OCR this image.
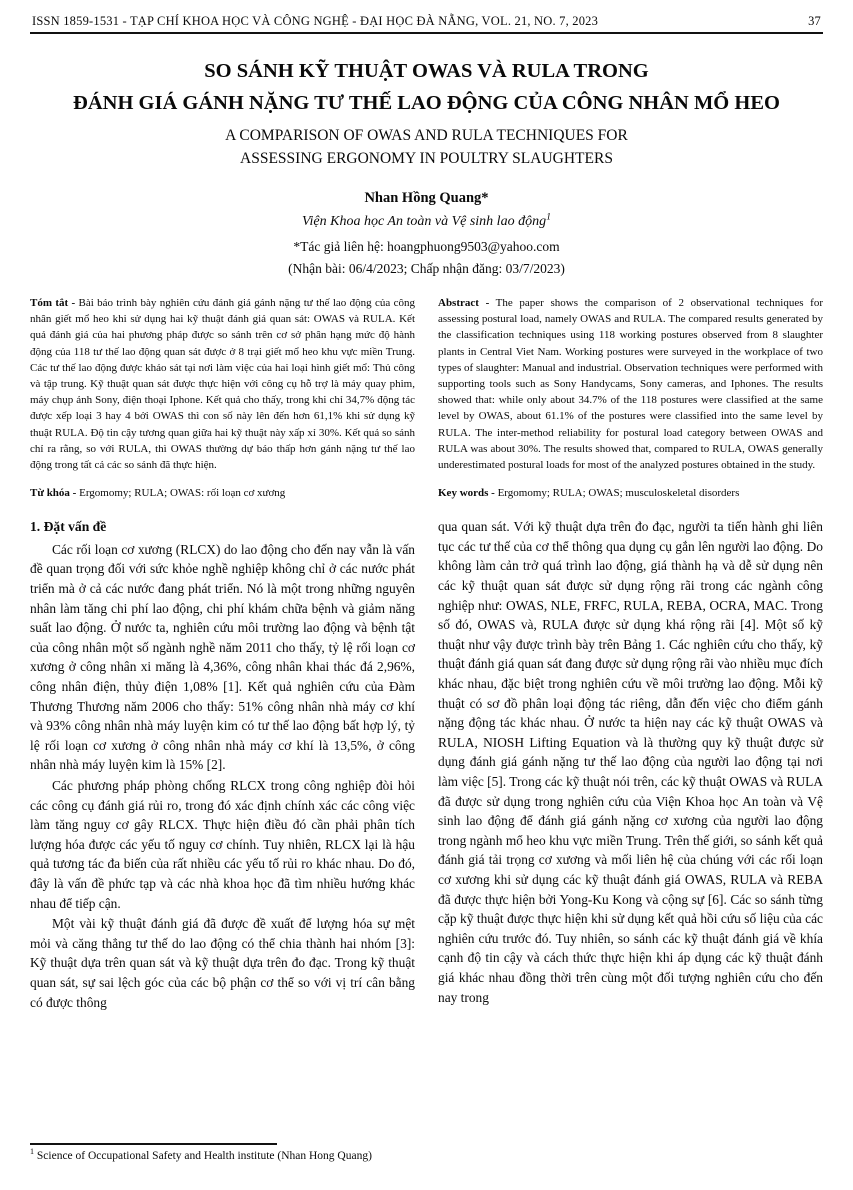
ISSN 1859-1531 - TẠP CHÍ KHOA HỌC VÀ CÔNG NGHỆ - ĐẠI HỌC ĐÀ NẴNG, VOL. 21, NO. 7, 2023	37
SO SÁNH KỸ THUẬT OWAS VÀ RULA TRONG
ĐÁNH GIÁ GÁNH NẶNG TƯ THẾ LAO ĐỘNG CỦA CÔNG NHÂN MỔ HEO
A COMPARISON OF OWAS AND RULA TECHNIQUES FOR
ASSESSING ERGONOMY IN POULTRY SLAUGHTERS
Nhan Hồng Quang*
Viện Khoa học An toàn và Vệ sinh lao động$^1$
*Tác giả liên hệ: hoangphuong9503@yahoo.com
(Nhận bài: 06/4/2023; Chấp nhận đăng: 03/7/2023)
Tóm tắt - Bài báo trình bày nghiên cứu đánh giá gánh nặng tư thế lao động của công nhân giết mổ heo khi sử dụng hai kỹ thuật đánh giá quan sát: OWAS và RULA. Kết quả đánh giá của hai phương pháp được so sánh trên cơ sở phân hạng mức độ hành động của 118 tư thế lao động quan sát được ở 8 trại giết mổ heo khu vực miền Trung. Các tư thế lao động được khảo sát tại nơi làm việc của hai loại hình giết mổ: Thủ công và tập trung. Kỹ thuật quan sát được thực hiện với công cụ hỗ trợ là máy quay phim, máy chụp ảnh Sony, điện thoại Iphone. Kết quả cho thấy, trong khi chỉ 34,7% động tác được xếp loại 3 hay 4 bởi OWAS thì con số này lên đến hơn 61,1% khi sử dụng kỹ thuật RULA. Độ tin cậy tương quan giữa hai kỹ thuật này xấp xỉ 30%. Kết quả so sánh chỉ ra rằng, so với RULA, thì OWAS thường dự báo thấp hơn gánh nặng tư thế lao động trong tất cả các so sánh đã thực hiện.
Từ khóa - Ergomomy; RULA; OWAS: rối loạn cơ xương
Abstract - The paper shows the comparison of 2 observational techniques for assessing postural load, namely OWAS and RULA. The compared results generated by the classification techniques using 118 working postures observed from 8 slaughter plants in Central Viet Nam. Working postures were surveyed in the workplace of two types of slaughter: Manual and industrial. Observation techniques were performed with supporting tools such as Sony Handycams, Sony cameras, and Iphones. The results showed that: while only about 34.7% of the 118 postures were classified at the same level by OWAS, about 61.1% of the postures were classified into the same level by RULA. The inter-method reliability for postural load category between OWAS and RULA was about 30%. The results showed that, compared to RULA, OWAS generally underestimated postural loads for most of the analyzed postures obtained in the study.
Key words - Ergomomy; RULA; OWAS; musculoskeletal disorders
1. Đặt vấn đề

Các rối loạn cơ xương (RLCX) do lao động cho đến nay vẫn là vấn đề quan trọng đối với sức khỏe nghề nghiệp không chỉ ở các nước phát triển mà ở cả các nước đang phát triển. Nó là một trong những nguyên nhân làm tăng chi phí lao động, chi phí khám chữa bệnh và giảm năng suất lao động. Ở nước ta, nghiên cứu môi trường lao động và bệnh tật của công nhân một số ngành nghề năm 2011 cho thấy, tỷ lệ rối loạn cơ xương ở công nhân xi măng là 4,36%, công nhân khai thác đá 2,96%, công nhân điện, thủy điện 1,08% [1]. Kết quả nghiên cứu của Đàm Thương Thương năm 2006 cho thấy: 51% công nhân nhà máy cơ khí và 93% công nhân nhà máy luyện kim có tư thế lao động bất hợp lý, tỷ lệ rối loạn cơ xương ở công nhân nhà máy cơ khí là 13,5%, ở công nhân nhà máy luyện kim là 15% [2].

Các phương pháp phòng chống RLCX trong công nghiệp đòi hỏi các công cụ đánh giá rủi ro, trong đó xác định chính xác các công việc làm tăng nguy cơ gây RLCX. Thực hiện điều đó cần phải phân tích lượng hóa được các yếu tố nguy cơ chính. Tuy nhiên, RLCX lại là hậu quả tương tác đa biến của rất nhiều các yếu tố rủi ro khác nhau. Do đó, đây là vấn đề phức tạp và các nhà khoa học đã tìm nhiều hướng khác nhau để tiếp cận.

Một vài kỹ thuật đánh giá đã được đề xuất để lượng hóa sự mệt mỏi và căng thẳng tư thế do lao động có thể chia thành hai nhóm [3]: Kỹ thuật dựa trên quan sát và kỹ thuật dựa trên đo đạc. Trong kỹ thuật quan sát, sự sai lệch góc của các bộ phận cơ thể so với vị trí cân bằng có được thông

qua quan sát. Với kỹ thuật dựa trên đo đạc, người ta tiến hành ghi liên tục các tư thế của cơ thể thông qua dụng cụ gắn lên người lao động. Do không làm cản trở quá trình lao động, giá thành hạ và dễ sử dụng nên các kỹ thuật quan sát được sử dụng rộng rãi trong các ngành công nghiệp như: OWAS, NLE, FRFC, RULA, REBA, OCRA, MAC. Trong số đó, OWAS và, RULA được sử dụng khá rộng rãi [4]. Một số kỹ thuật như vậy được trình bày trên Bảng 1. Các nghiên cứu cho thấy, kỹ thuật đánh giá quan sát đang được sử dụng rộng rãi vào nhiều mục đích khác nhau, đặc biệt trong nghiên cứu về môi trường lao động. Mỗi kỹ thuật có sơ đồ phân loại động tác riêng, dẫn đến việc cho điểm gánh nặng động tác khác nhau. Ở nước ta hiện nay các kỹ thuật OWAS và RULA, NIOSH Lifting Equation và là thường quy kỹ thuật được sử dụng đánh giá gánh nặng tư thế lao động của người lao động tại nơi làm việc [5]. Trong các kỹ thuật nói trên, các kỹ thuật OWAS và RULA đã được sử dụng trong nghiên cứu của Viện Khoa học An toàn và Vệ sinh lao động để đánh giá gánh nặng cơ xương của người lao động trong ngành mổ heo khu vực miền Trung. Trên thế giới, so sánh kết quả đánh giá tải trọng cơ xương và mối liên hệ của chúng với các rối loạn cơ xương khi sử dụng các kỹ thuật đánh giá OWAS, RULA và REBA đã được thực hiện bởi Yong-Ku Kong và cộng sự [6]. Các so sánh từng cặp kỹ thuật được thực hiện khi sử dụng kết quả hồi cứu số liệu của các nghiên cứu trước đó. Tuy nhiên, so sánh các kỹ thuật đánh giá về khía cạnh độ tin cậy và cách thức thực hiện khi áp dụng các kỹ thuật đánh giá khác nhau đồng thời trên cùng một đối tượng nghiên cứu cho đến nay trong

$^1$ Science of Occupational Safety and Health institute (Nhan Hong Quang)
